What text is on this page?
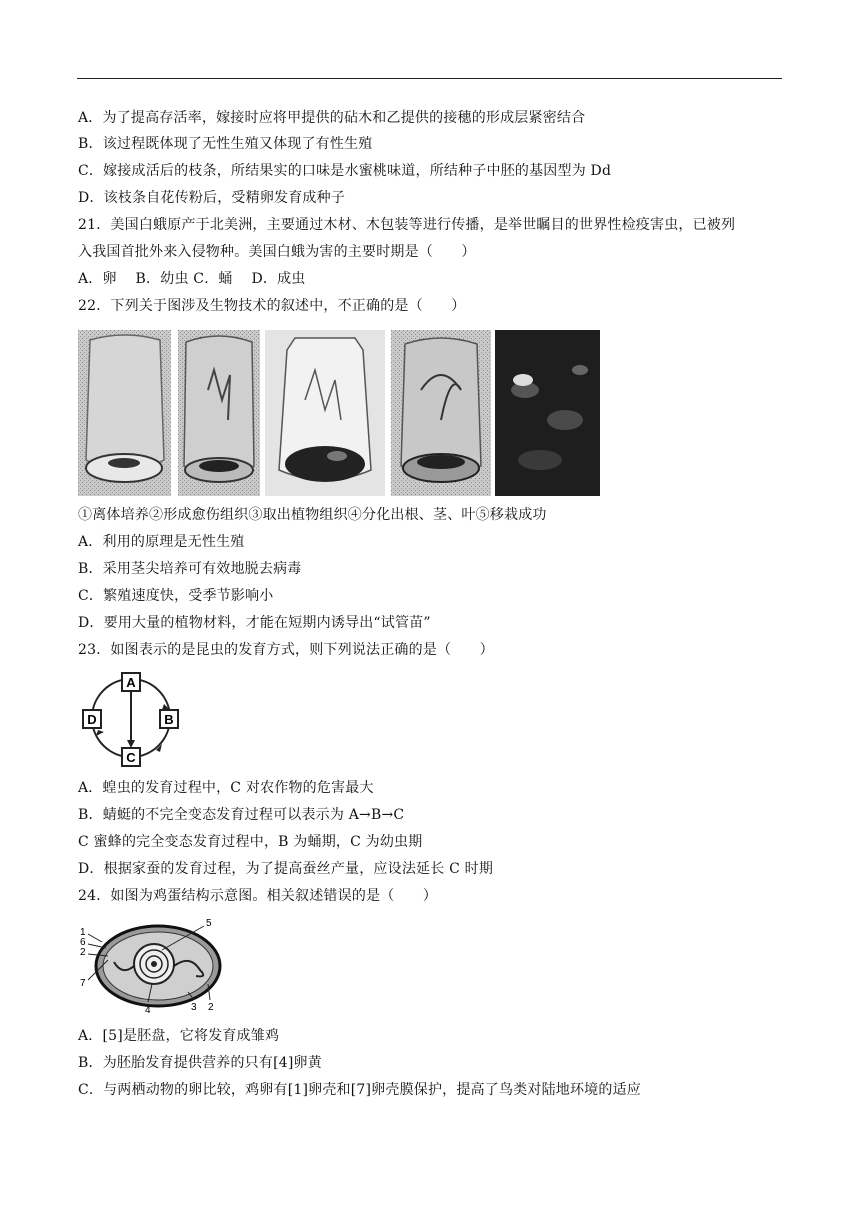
A．为了提高存活率，嫁接时应将甲提供的砧木和乙提供的接穗的形成层紧密结合
B．该过程既体现了无性生殖又体现了有性生殖
C．嫁接成活后的枝条，所结果实的口味是水蜜桃味道，所结种子中胚的基因型为 Dd
D．该枝条自花传粉后，受精卵发育成种子
21．美国白蛾原产于北美洲，主要通过木材、木包装等进行传播，是举世瞩目的世界性检疫害虫，已被列
入我国首批外来入侵物种。美国白蛾为害的主要时期是（　　）
A．卵　 B．幼虫 C．蛹　 D．成虫
22．下列关于图涉及生物技术的叙述中，不正确的是（　　）
①离体培养②形成愈伤组织③取出植物组织④分化出根、茎、叶⑤移栽成功
A．利用的原理是无性生殖
B．采用茎尖培养可有效地脱去病毒
C．繁殖速度快，受季节影响小
D．要用大量的植物材料，才能在短期内诱导出“试管苗”
23．如图表示的是昆虫的发育方式，则下列说法正确的是（　　）
A
B
C
D
A．蝗虫的发育过程中，C 对农作物的危害最大
B．蜻蜓的不完全变态发育过程可以表示为 A→B→C
C 蜜蜂的完全变态发育过程中，B 为蛹期，C 为幼虫期
D．根据家蚕的发育过程，为了提高蚕丝产量，应设法延长 C 时期
24．如图为鸡蛋结构示意图。相关叙述错误的是（　　）
1
6
2
7
5
4	3 2
A．[5]是胚盘，它将发育成雏鸡
B．为胚胎发育提供营养的只有[4]卵黄
C．与两栖动物的卵比较，鸡卵有[1]卵壳和[7]卵壳膜保护，提高了鸟类对陆地环境的适应
